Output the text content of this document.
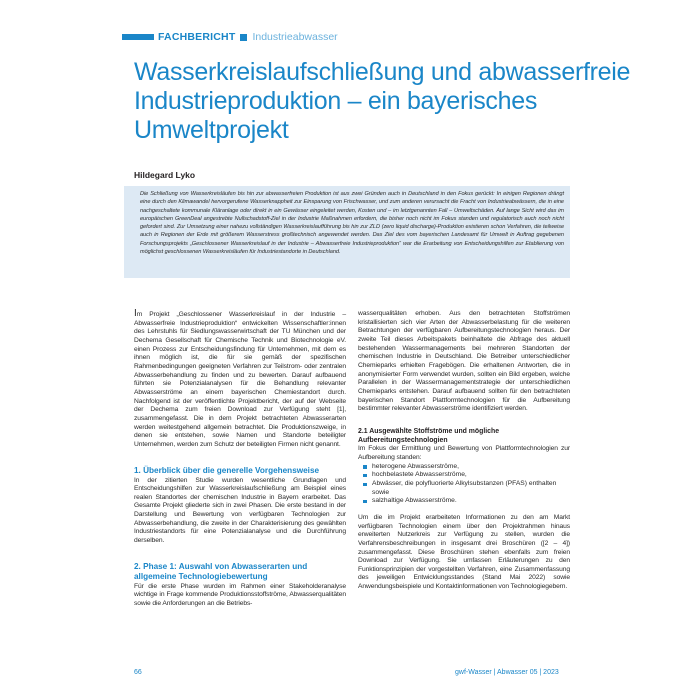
FACHBERICHT Industrieabwasser
Wasserkreislaufschließung und abwasserfreie Industrieproduktion – ein bayerisches Umweltprojekt
Hildegard Lyko

Die Schließung von Wasserkreisläufen bis hin zur abwasserfreien Produktion ist aus zwei Gründen auch in Deutschland in den Fokus gerückt: In einigen Regionen drängt eine durch den Klimawandel hervorgerufene Wasserknappheit zur Einsparung von Frischwasser, und zum anderen verursacht die Fracht von Industrieabwässern, die in eine nachgeschaltete kommunale Kläranlage oder direkt in ein Gewässer eingeleitet werden, Kosten und – im letztgenannten Fall – Umweltschäden. Auf lange Sicht wird das im europäischen GreenDeal angestrebte Nullschadstoff-Ziel in der Industrie Maßnahmen erfordern, die bisher noch nicht im Fokus standen und regulatorisch auch noch nicht gefordert sind. Zur Umsetzung einer nahezu vollständigen Wasserkreislaufführung bis hin zur ZLD (zero liquid discharge)-Produktion existieren schon Verfahren, die teilweise auch in Regionen der Erde mit größerem Wasserstress großtechnisch angewendet werden. Das Ziel des vom bayerischen Landesamt für Umwelt in Auftrag gegebenen Forschungsprojekts „Geschlossener Wasserkreislauf in der Industrie – Abwasserfreie Industrieproduktion“ war die Erarbeitung von Entscheidungshilfen zur Etablierung von möglichst geschlossenen Wasserkreisläufen für Industriestandorte in Deutschland.

Im Projekt „Geschlossener Wasserkreislauf in der Industrie – Abwasserfreie Industrieproduktion“ entwickelten Wissenschaftler:innen des Lehrstuhls für Siedlungswasserwirtschaft der TU München und der Dechema Gesellschaft für Chemische Technik und Biotechnologie eV. einen Prozess zur Entscheidungsfindung für Unternehmen, mit dem es ihnen möglich ist, die für sie gemäß der spezifischen Rahmenbedingungen geeigneten Verfahren zur Teilstrom- oder zentralen Abwasserbehandlung zu finden und zu bewerten. Darauf aufbauend führten sie Potenzialanalysen für die Behandlung relevanter Abwasserströme an einem bayerischen Chemiestandort durch. Nachfolgend ist der veröffentlichte Projektbericht, der auf der Webseite der Dechema zum freien Download zur Verfügung steht [1], zusammengefasst. Die in dem Projekt betrachteten Abwasserarten werden weitestgehend allgemein betrachtet. Die Produktionszweige, in denen sie entstehen, sowie Namen und Standorte beteiligter Unternehmen, werden zum Schutz der beteiligten Firmen nicht genannt.

1. Überblick über die generelle Vorgehensweise

In der zitierten Studie wurden wesentliche Grundlagen und Entscheidungshilfen zur Wasserkreislaufschließung am Beispiel eines realen Standortes der chemischen Industrie in Bayern erarbeitet. Das Gesamte Projekt gliederte sich in zwei Phasen. Die erste bestand in der Darstellung und Bewertung von verfügbaren Technologien zur Abwasserbehandlung, die zweite in der Charakterisierung des gewählten Industriestandorts für eine Potenzialanalyse und die Durchführung derselben.

2. Phase 1: Auswahl von Abwasserarten und allgemeine Technologiebewertung

Für die erste Phase wurden im Rahmen einer Stakeholderanalyse wichtige in Frage kommende Produktionsstoffströme, Abwasserqualitäten sowie die Anforderungen an die Betriebs-

wasserqualitäten erhoben. Aus den betrachteten Stoffströmen kristallisierten sich vier Arten der Abwasserbelastung für die weiteren Betrachtungen der verfügbaren Aufbereitungstechnologien heraus. Der zweite Teil dieses Arbeitspakets beinhaltete die Abfrage des aktuell bestehenden Wassermanagements bei mehreren Standorten der chemischen Industrie in Deutschland. Die Betreiber unterschiedlicher Chemieparks erhielten Fragebögen. Die erhaltenen Antworten, die in anonymisierter Form verwendet wurden, sollten ein Bild ergeben, welche Parallelen in der Wassermanagementstrategie der unterschiedlichen Chemieparks entstehen. Darauf aufbauend sollten für den betrachteten bayerischen Standort Plattformtechnologien für die Aufbereitung bestimmter relevanter Abwasserströme identifiziert werden.

2.1 Ausgewählte Stoffströme und mögliche Aufbereitungstechnologien

Im Fokus der Ermittlung und Bewertung von Plattformtechnologien zur Aufbereitung standen:

heterogene Abwasserströme,
hochbelastete Abwasserströme,
Abwässer, die polyfluorierte Alkylsubstanzen (PFAS) enthalten sowie
salzhaltige Abwasserströme.

Um die im Projekt erarbeiteten Informationen zu den am Markt verfügbaren Technologien einem über den Projektrahmen hinaus erweiterten Nutzerkreis zur Verfügung zu stellen, wurden die Verfahrensbeschreibungen in insgesamt drei Broschüren ([2 – 4]) zusammengefasst. Diese Broschüren stehen ebenfalls zum freien Download zur Verfügung. Sie umfassen Erläuterungen zu den Funktionsprinzipien der vorgestellten Verfahren, eine Zusammenfassung des jeweiligen Entwicklungsstandes (Stand Mai 2022) sowie Anwendungsbeispiele und Kontaktinformationen von Technologiegebern.

66	gwf-Wasser | Abwasser 05 | 2023
